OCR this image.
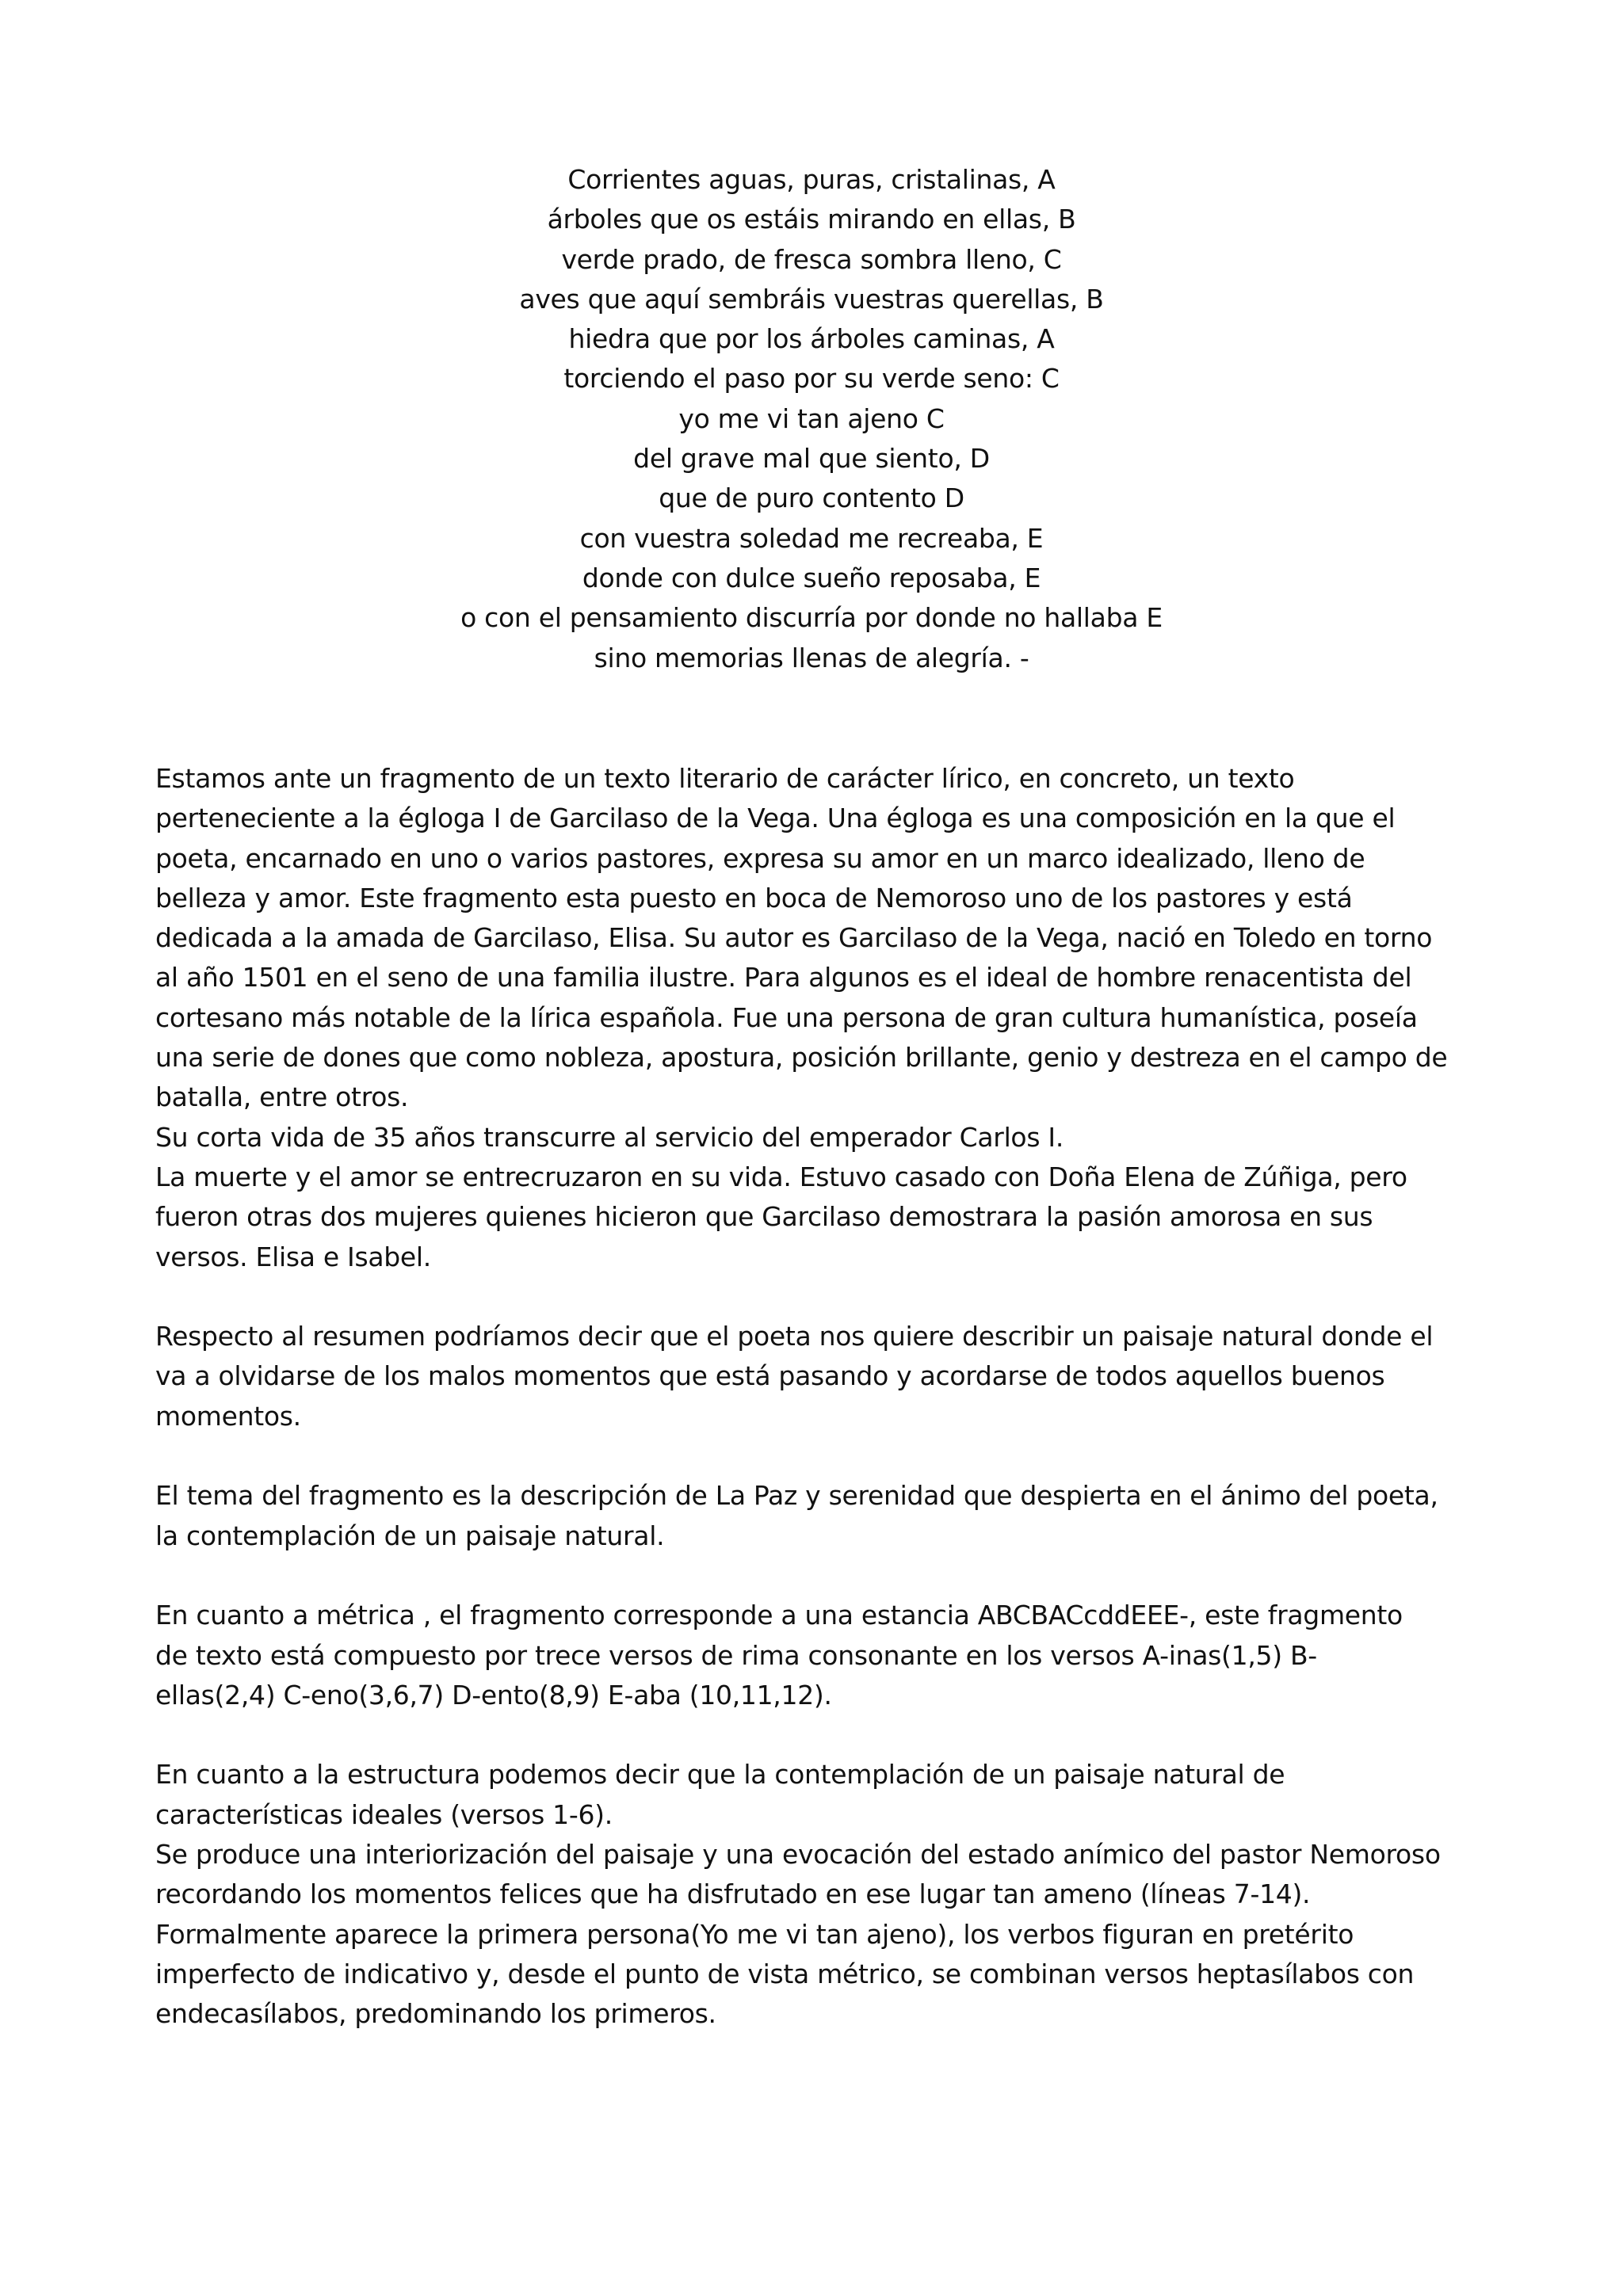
Corrientes aguas, puras, cristalinas, A
árboles que os estáis mirando en ellas, B
verde prado, de fresca sombra lleno, C
aves que aquí sembráis vuestras querellas, B
hiedra que por los árboles caminas, A
torciendo el paso por su verde seno: C
yo me vi tan ajeno C
del grave mal que siento, D
que de puro contento D
con vuestra soledad me recreaba, E
donde con dulce sueño reposaba, E
o con el pensamiento discurría por donde no hallaba E
sino memorias llenas de alegría. -
Estamos ante un fragmento de un texto literario de carácter lírico, en concreto, un texto
perteneciente a la égloga I de Garcilaso de la Vega. Una égloga es una composición en la que el
poeta, encarnado en uno o varios pastores, expresa su amor en un marco idealizado, lleno de
belleza y amor. Este fragmento esta puesto en boca de Nemoroso uno de los pastores y está
dedicada a la amada de Garcilaso, Elisa. Su autor es Garcilaso de la Vega, nació en Toledo en torno
al año 1501 en el seno de una familia ilustre. Para algunos es el ideal de hombre renacentista del
cortesano más notable de la lírica española. Fue una persona de gran cultura humanística, poseía
una serie de dones que como nobleza, apostura, posición brillante, genio y destreza en el campo de
batalla, entre otros.
Su corta vida de 35 años transcurre al servicio del emperador Carlos I.
La muerte y el amor se entrecruzaron en su vida. Estuvo casado con Doña Elena de Zúñiga, pero
fueron otras dos mujeres quienes hicieron que Garcilaso demostrara la pasión amorosa en sus
versos. Elisa e Isabel.
Respecto al resumen podríamos decir que el poeta nos quiere describir un paisaje natural donde el
va a olvidarse de los malos momentos que está pasando y acordarse de todos aquellos buenos
momentos.
El tema del fragmento es la descripción de La Paz y serenidad que despierta en el ánimo del poeta,
la contemplación de un paisaje natural.
En cuanto a métrica , el fragmento corresponde a una estancia ABCBACcddEEE-, este fragmento
de texto está compuesto por trece versos de rima consonante en los versos A-inas(1,5) B-
ellas(2,4) C-eno(3,6,7) D-ento(8,9) E-aba (10,11,12).
En cuanto a la estructura podemos decir que la contemplación de un paisaje natural de
características ideales (versos 1-6).
Se produce una interiorización del paisaje y una evocación del estado anímico del pastor Nemoroso
recordando los momentos felices que ha disfrutado en ese lugar tan ameno (líneas 7-14).
Formalmente aparece la primera persona(Yo me vi tan ajeno), los verbos figuran en pretérito
imperfecto de indicativo y, desde el punto de vista métrico, se combinan versos heptasílabos con
endecasílabos, predominando los primeros.
